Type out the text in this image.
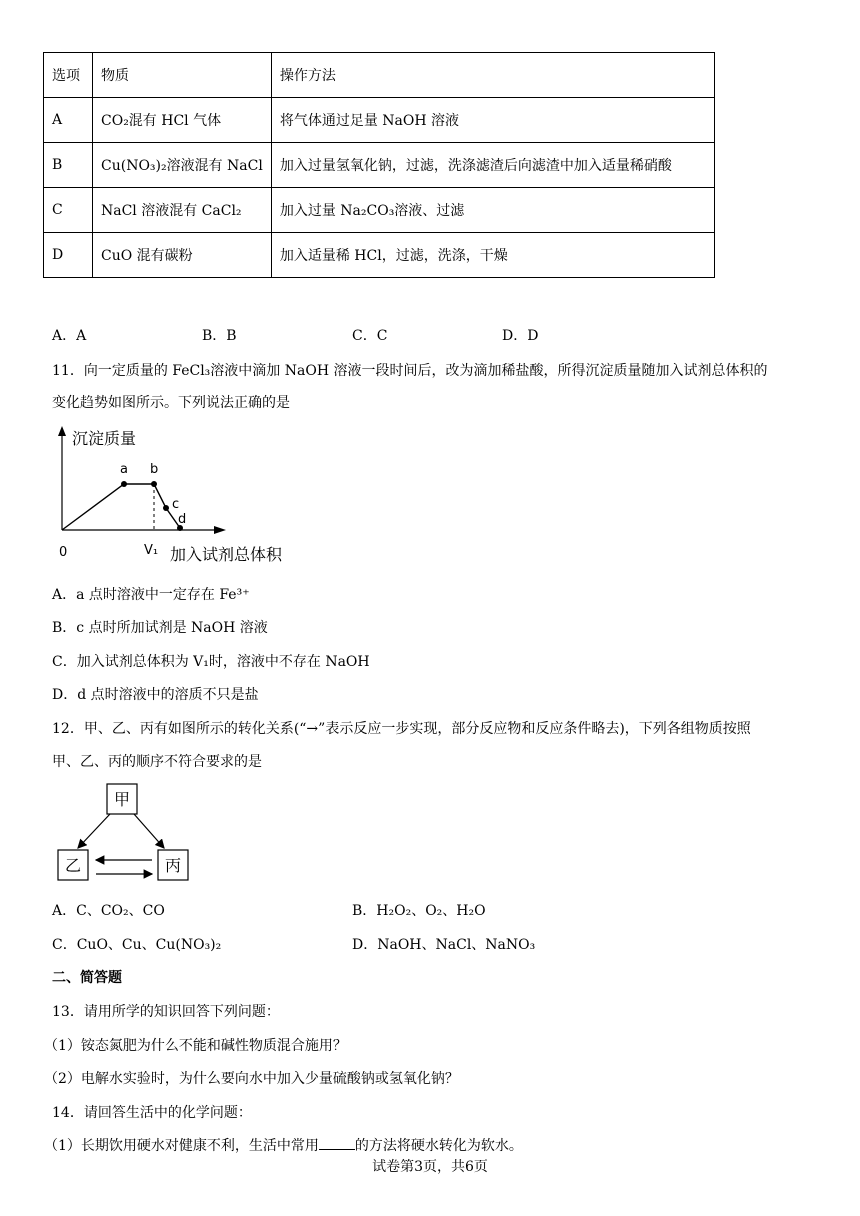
选项	物质	操作方法
A	CO₂混有 HCl 气体	将气体通过足量 NaOH 溶液
B	Cu(NO₃)₂溶液混有 NaCl	加入过量氢氧化钠，过滤，洗涤滤渣后向滤渣中加入适量稀硝酸
C	NaCl 溶液混有 CaCl₂	加入过量 Na₂CO₃溶液、过滤
D	CuO 混有碳粉	加入适量稀 HCl，过滤，洗涤，干燥
A．A	B．B	C．C	D．D
11．向一定质量的 FeCl₃溶液中滴加 NaOH 溶液一段时间后，改为滴加稀盐酸，所得沉淀质量随加入试剂总体积的
变化趋势如图所示。下列说法正确的是
沉淀质量
a b
c
d
0	V₁ 加入试剂总体积
A．a 点时溶液中一定存在 Fe³⁺
B．c 点时所加试剂是 NaOH 溶液
C．加入试剂总体积为 V₁时，溶液中不存在 NaOH
D．d 点时溶液中的溶质不只是盐
12．甲、乙、丙有如图所示的转化关系(“→”表示反应一步实现，部分反应物和反应条件略去)，下列各组物质按照
甲、乙、丙的顺序不符合要求的是
甲
乙	丙
A．C、CO₂、CO	B．H₂O₂、O₂、H₂O
C．CuO、Cu、Cu(NO₃)₂	D．NaOH、NaCl、NaNO₃
二、简答题
13．请用所学的知识回答下列问题：
（1）铵态氮肥为什么不能和碱性物质混合施用？
（2）电解水实验时，为什么要向水中加入少量硫酸钠或氢氧化钠？
14．请回答生活中的化学问题：
（1）长期饮用硬水对健康不利，生活中常用	的方法将硬水转化为软水。
试卷第3页，共6页
